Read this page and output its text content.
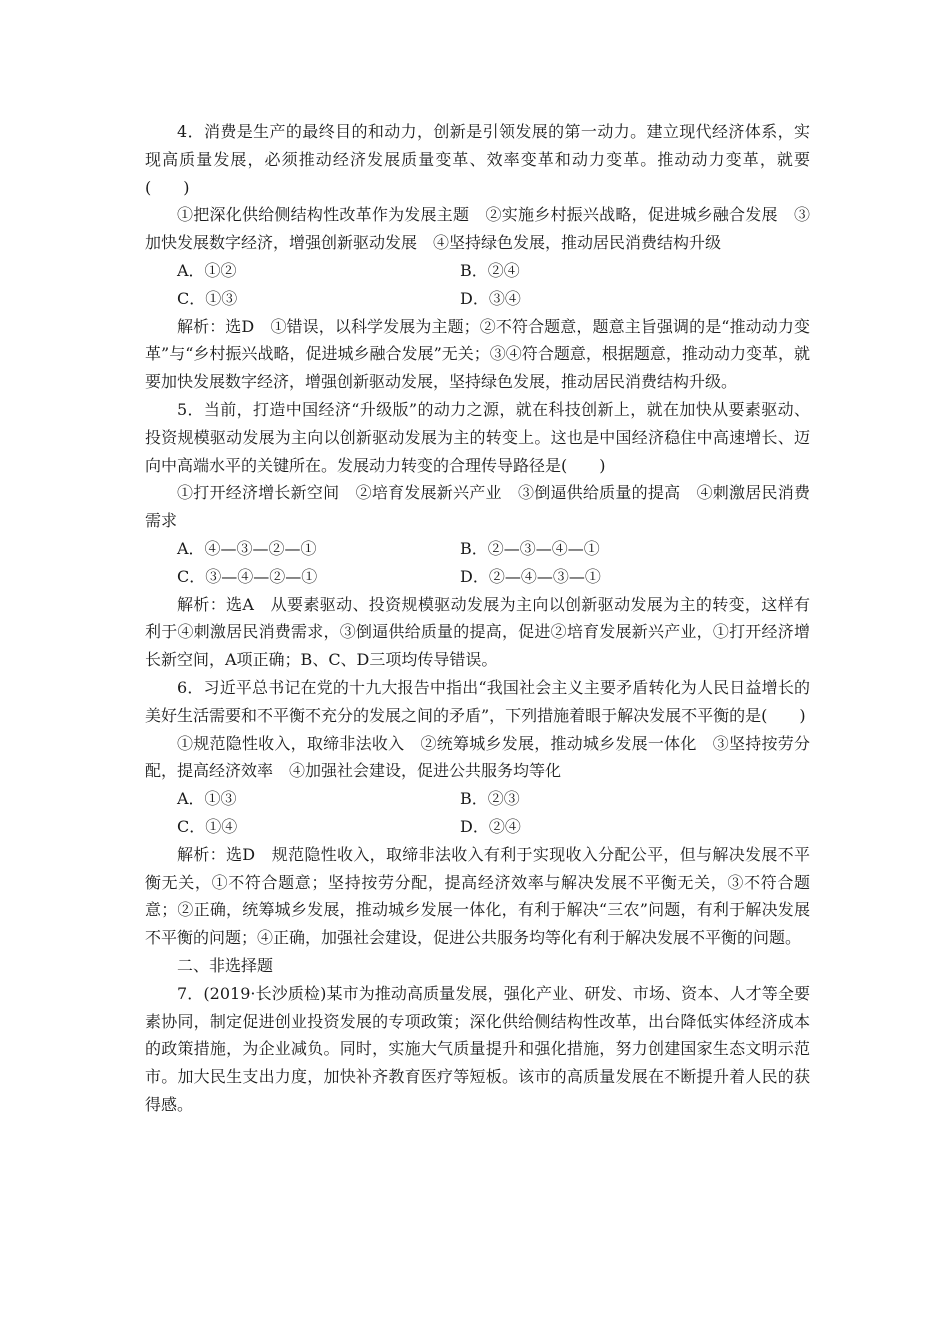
4．消费是生产的最终目的和动力，创新是引领发展的第一动力。建立现代经济体系，实现高质量发展，必须推动经济发展质量变革、效率变革和动力变革。推动动力变革，就要(　　)

①把深化供给侧结构性改革作为发展主题　②实施乡村振兴战略，促进城乡融合发展　③加快发展数字经济，增强创新驱动发展　④坚持绿色发展，推动居民消费结构升级

A．①②	B．②④
C．①③	D．③④

解析：选D　①错误，以科学发展为主题；②不符合题意，题意主旨强调的是“推动动力变革”与“乡村振兴战略，促进城乡融合发展”无关；③④符合题意，根据题意，推动动力变革，就要加快发展数字经济，增强创新驱动发展，坚持绿色发展，推动居民消费结构升级。

5．当前，打造中国经济“升级版”的动力之源，就在科技创新上，就在加快从要素驱动、投资规模驱动发展为主向以创新驱动发展为主的转变上。这也是中国经济稳住中高速增长、迈向中高端水平的关键所在。发展动力转变的合理传导路径是(　　)

①打开经济增长新空间　②培育发展新兴产业　③倒逼供给质量的提高　④刺激居民消费需求

A．④—③—②—①	B．②—③—④—①
C．③—④—②—①	D．②—④—③—①

解析：选A　从要素驱动、投资规模驱动发展为主向以创新驱动发展为主的转变，这样有利于④刺激居民消费需求，③倒逼供给质量的提高，促进②培育发展新兴产业，①打开经济增长新空间，A项正确；B、C、D三项均传导错误。

6．习近平总书记在党的十九大报告中指出“我国社会主义主要矛盾转化为人民日益增长的美好生活需要和不平衡不充分的发展之间的矛盾”，下列措施着眼于解决发展不平衡的是(　　)

①规范隐性收入，取缔非法收入　②统筹城乡发展，推动城乡发展一体化　③坚持按劳分配，提高经济效率　④加强社会建设，促进公共服务均等化

A．①③	B．②③
C．①④	D．②④

解析：选D　规范隐性收入，取缔非法收入有利于实现收入分配公平，但与解决发展不平衡无关，①不符合题意；坚持按劳分配，提高经济效率与解决发展不平衡无关，③不符合题意；②正确，统筹城乡发展，推动城乡发展一体化，有利于解决“三农”问题，有利于解决发展不平衡的问题；④正确，加强社会建设，促进公共服务均等化有利于解决发展不平衡的问题。

二、非选择题

7．(2019·长沙质检)某市为推动高质量发展，强化产业、研发、市场、资本、人才等全要素协同，制定促进创业投资发展的专项政策；深化供给侧结构性改革，出台降低实体经济成本的政策措施，为企业减负。同时，实施大气质量提升和强化措施，努力创建国家生态文明示范市。加大民生支出力度，加快补齐教育医疗等短板。该市的高质量发展在不断提升着人民的获得感。
